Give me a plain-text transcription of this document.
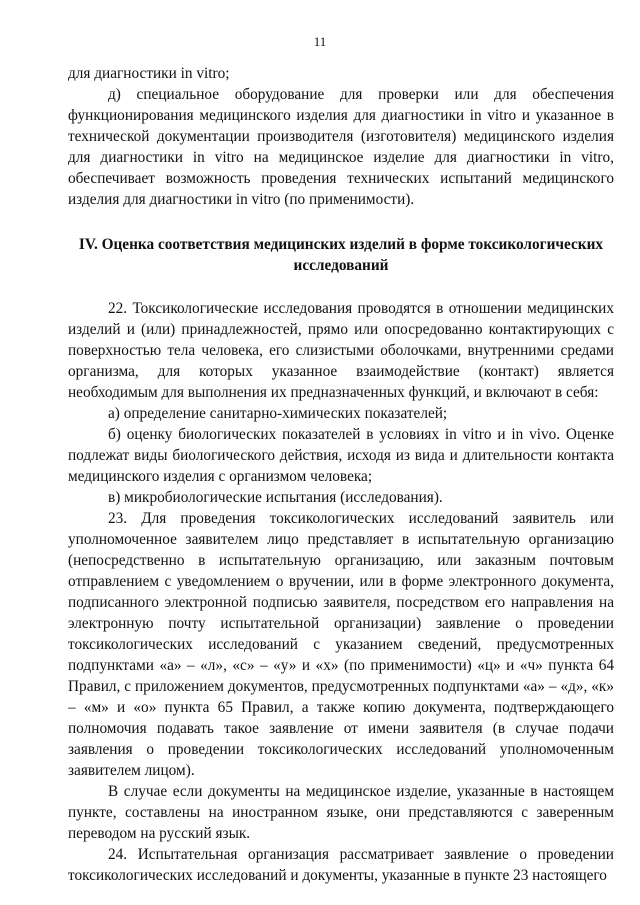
11

для диагностики in vitro;

д) специальное оборудование для проверки или для обеспечения функционирования медицинского изделия для диагностики in vitro и указанное в технической документации производителя (изготовителя) медицинского изделия для диагностики in vitro на медицинское изделие для диагностики in vitro, обеспечивает возможность проведения технических испытаний медицинского изделия для диагностики in vitro (по применимости).

IV. Оценка соответствия медицинских изделий в форме токсикологических исследований

22. Токсикологические исследования проводятся в отношении медицинских изделий и (или) принадлежностей, прямо или опосредованно контактирующих с поверхностью тела человека, его слизистыми оболочками, внутренними средами организма, для которых указанное взаимодействие (контакт) является необходимым для выполнения их предназначенных функций, и включают в себя:

а) определение санитарно-химических показателей;

б) оценку биологических показателей в условиях in vitro и in vivo. Оценке подлежат виды биологического действия, исходя из вида и длительности контакта медицинского изделия с организмом человека;

в) микробиологические испытания (исследования).

23. Для проведения токсикологических исследований заявитель или уполномоченное заявителем лицо представляет в испытательную организацию (непосредственно в испытательную организацию, или заказным почтовым отправлением с уведомлением о вручении, или в форме электронного документа, подписанного электронной подписью заявителя, посредством его направления на электронную почту испытательной организации) заявление о проведении токсикологических исследований с указанием сведений, предусмотренных подпунктами «а» – «л», «с» – «у» и «х» (по применимости) «ц» и «ч» пункта 64 Правил, с приложением документов, предусмотренных подпунктами «а» – «д», «к» – «м» и «о» пункта 65 Правил, а также копию документа, подтверждающего полномочия подавать такое заявление от имени заявителя (в случае подачи заявления о проведении токсикологических исследований уполномоченным заявителем лицом).

В случае если документы на медицинское изделие, указанные в настоящем пункте, составлены на иностранном языке, они представляются с заверенным переводом на русский язык.

24. Испытательная организация рассматривает заявление о проведении токсикологических исследований и документы, указанные в пункте 23 настоящего
